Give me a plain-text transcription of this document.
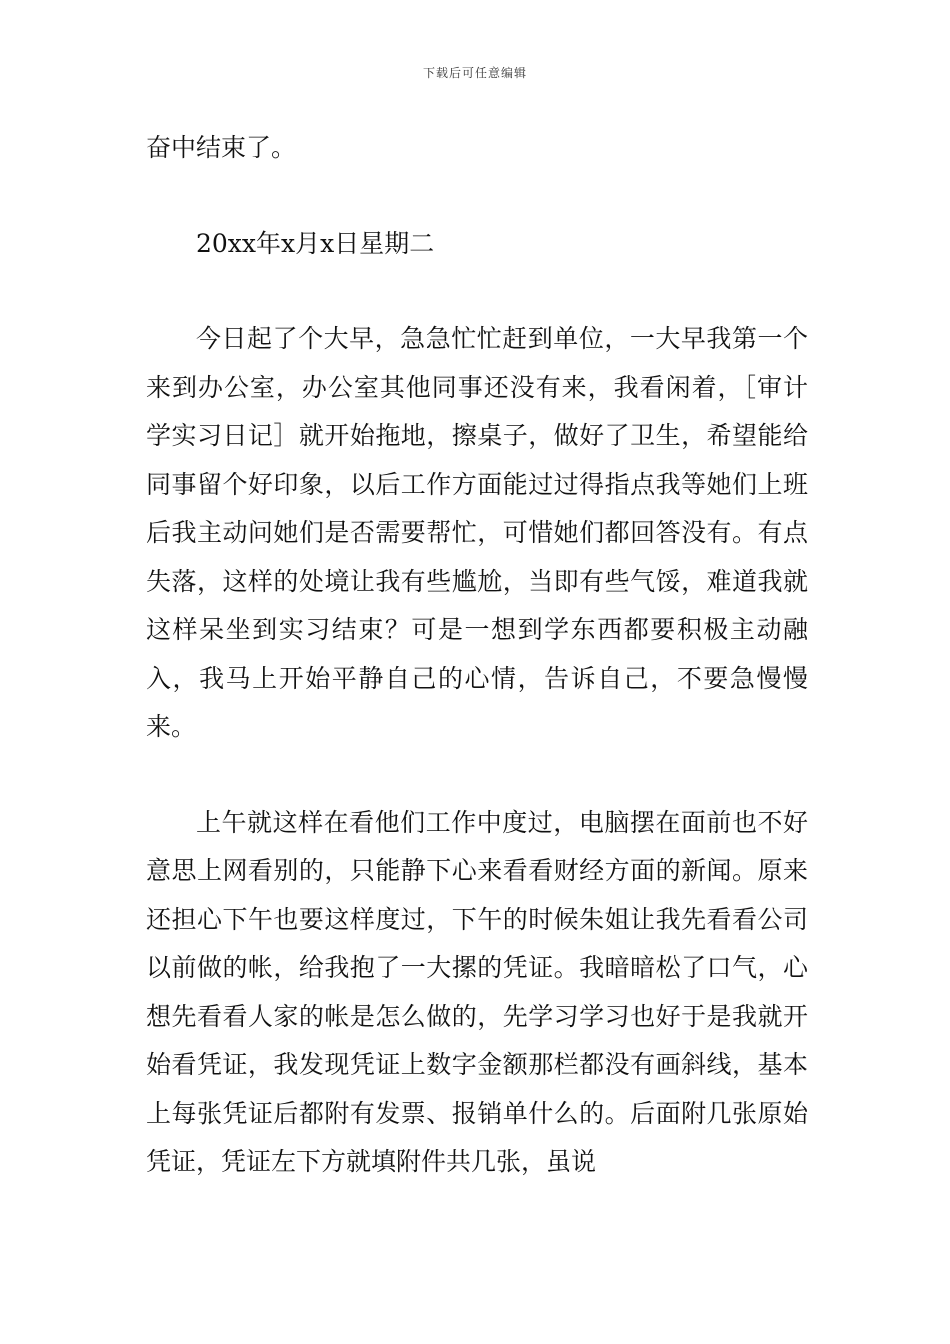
下载后可任意编辑

奋中结束了。

20xx年x月x日星期二

今日起了个大早，急急忙忙赶到单位，一大早我第一个来到办公室，办公室其他同事还没有来，我看闲着，［审计学实习日记］就开始拖地，擦桌子，做好了卫生，希望能给同事留个好印象，以后工作方面能过过得指点我等她们上班后我主动问她们是否需要帮忙，可惜她们都回答没有。有点失落，这样的处境让我有些尴尬，当即有些气馁，难道我就这样呆坐到实习结束？可是一想到学东西都要积极主动融入，我马上开始平静自己的心情，告诉自己，不要急慢慢来。

上午就这样在看他们工作中度过，电脑摆在面前也不好意思上网看别的，只能静下心来看看财经方面的新闻。原来还担心下午也要这样度过，下午的时候朱姐让我先看看公司以前做的帐，给我抱了一大摞的凭证。我暗暗松了口气，心想先看看人家的帐是怎么做的，先学习学习也好于是我就开始看凭证，我发现凭证上数字金额那栏都没有画斜线，基本上每张凭证后都附有发票、报销单什么的。后面附几张原始凭证，凭证左下方就填附件共几张，虽说
